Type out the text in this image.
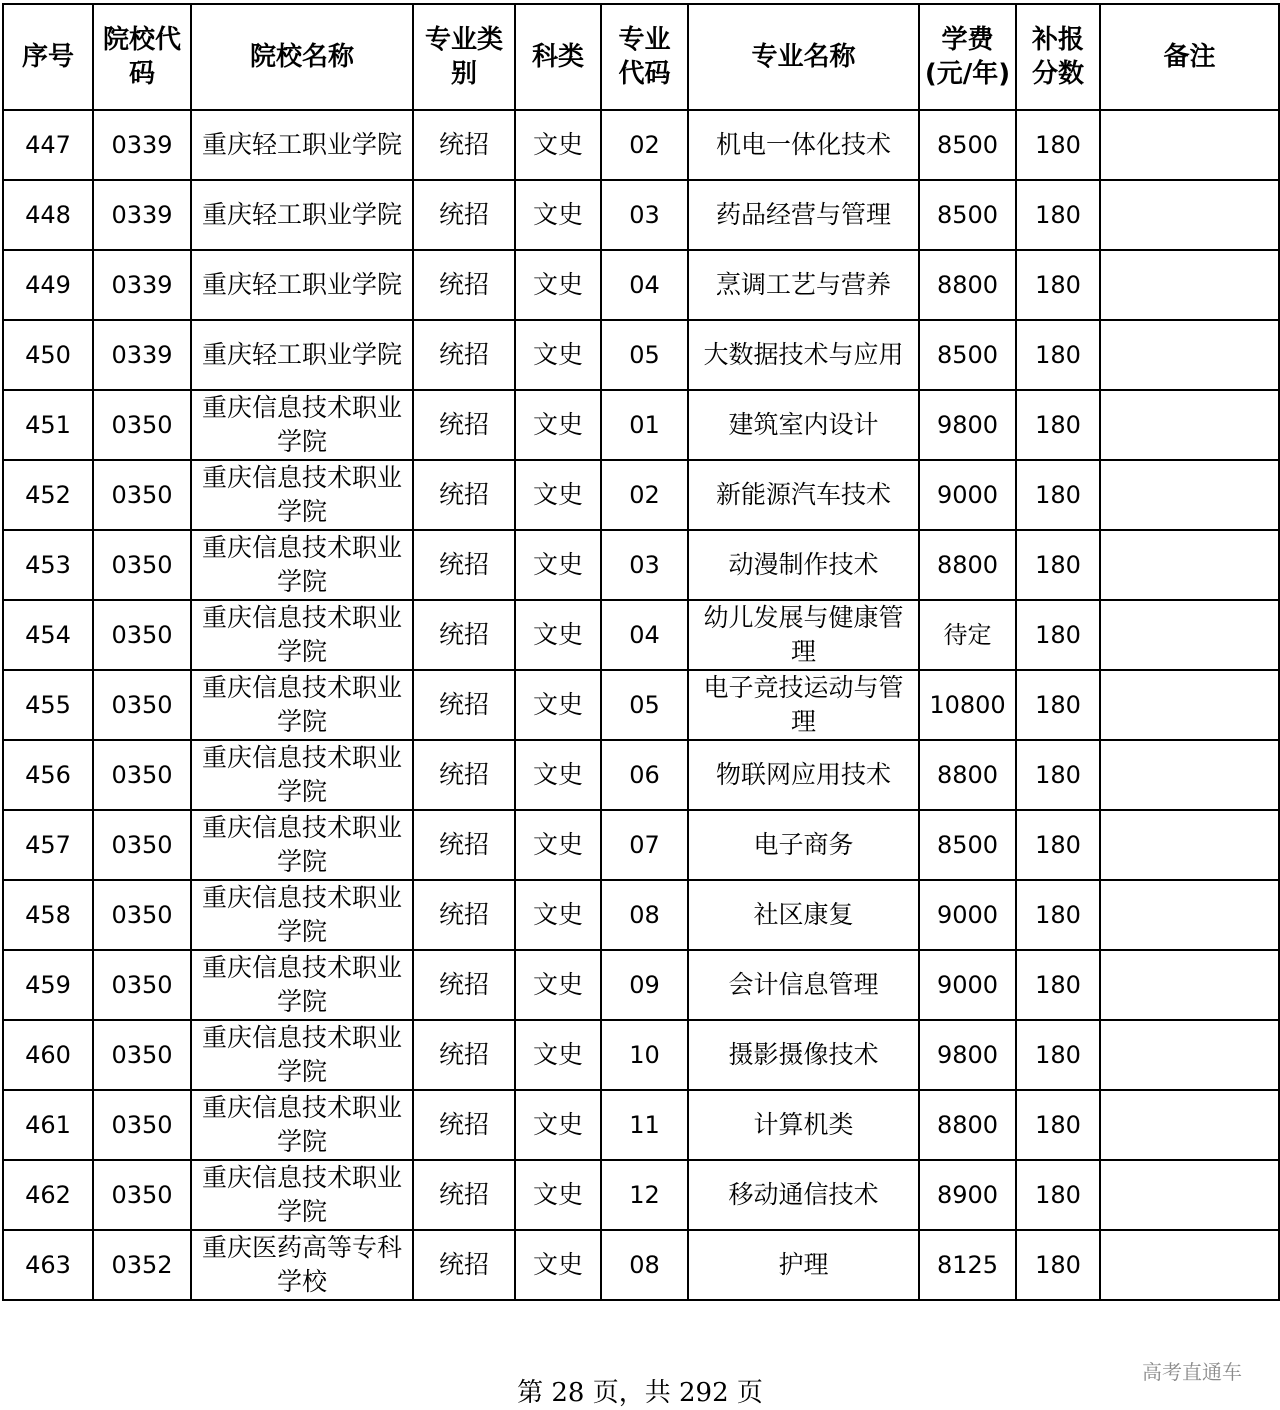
序号	院校代码	院校名称	专业类别	科类	专业代码	专业名称	学费(元/年)	补报分数	备注
447	0339	重庆轻工职业学院	统招	文史	02	机电一体化技术	8500	180	
448	0339	重庆轻工职业学院	统招	文史	03	药品经营与管理	8500	180	
449	0339	重庆轻工职业学院	统招	文史	04	烹调工艺与营养	8800	180	
450	0339	重庆轻工职业学院	统招	文史	05	大数据技术与应用	8500	180	
451	0350	重庆信息技术职业学院	统招	文史	01	建筑室内设计	9800	180	
452	0350	重庆信息技术职业学院	统招	文史	02	新能源汽车技术	9000	180	
453	0350	重庆信息技术职业学院	统招	文史	03	动漫制作技术	8800	180	
454	0350	重庆信息技术职业学院	统招	文史	04	幼儿发展与健康管理	待定	180	
455	0350	重庆信息技术职业学院	统招	文史	05	电子竞技运动与管理	10800	180	
456	0350	重庆信息技术职业学院	统招	文史	06	物联网应用技术	8800	180	
457	0350	重庆信息技术职业学院	统招	文史	07	电子商务	8500	180	
458	0350	重庆信息技术职业学院	统招	文史	08	社区康复	9000	180	
459	0350	重庆信息技术职业学院	统招	文史	09	会计信息管理	9000	180	
460	0350	重庆信息技术职业学院	统招	文史	10	摄影摄像技术	9800	180	
461	0350	重庆信息技术职业学院	统招	文史	11	计算机类	8800	180	
462	0350	重庆信息技术职业学院	统招	文史	12	移动通信技术	8900	180	
463	0352	重庆医药高等专科学校	统招	文史	08	护理	8125	180	
第 28 页，共 292 页
高考直通车
